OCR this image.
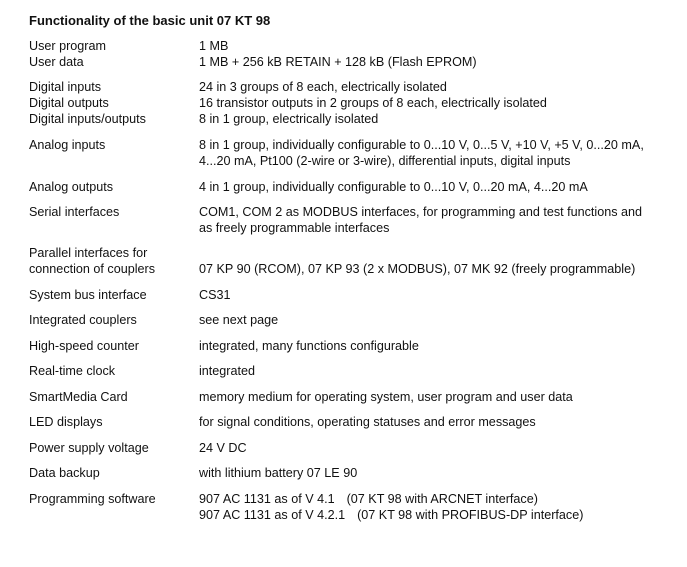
Functionality of the basic unit 07 KT 98
User program	1 MB
User data	1 MB + 256 kB RETAIN + 128 kB (Flash EPROM)
Digital inputs	24 in 3 groups of 8 each, electrically isolated
Digital outputs	16 transistor outputs in 2 groups of 8 each, electrically isolated
Digital inputs/outputs	8 in 1 group, electrically isolated
Analog inputs	8 in 1 group, individually configurable to 0...10 V, 0...5 V, +10 V, +5 V, 0...20 mA,
4...20 mA, Pt100 (2-wire or 3-wire), differential inputs, digital inputs
Analog outputs	4 in 1 group, individually configurable to 0...10 V, 0...20 mA, 4...20 mA
Serial interfaces	COM1, COM 2 as MODBUS interfaces, for programming and test functions and
as freely programmable interfaces
Parallel interfaces for
connection of couplers	07 KP 90 (RCOM), 07 KP 93 (2 x MODBUS), 07 MK 92 (freely programmable)
System bus interface	CS31
Integrated couplers	see next page
High-speed counter	integrated, many functions configurable
Real-time clock	integrated
SmartMedia Card	memory medium for operating system, user program and user data
LED displays	for signal conditions, operating statuses and error messages
Power supply voltage	24 V DC
Data backup	with lithium battery 07 LE 90
Programming software	907 AC 1131 as of V 4.1 (07 KT 98 with ARCNET interface)
907 AC 1131 as of V 4.2.1 (07 KT 98 with PROFIBUS-DP interface)
